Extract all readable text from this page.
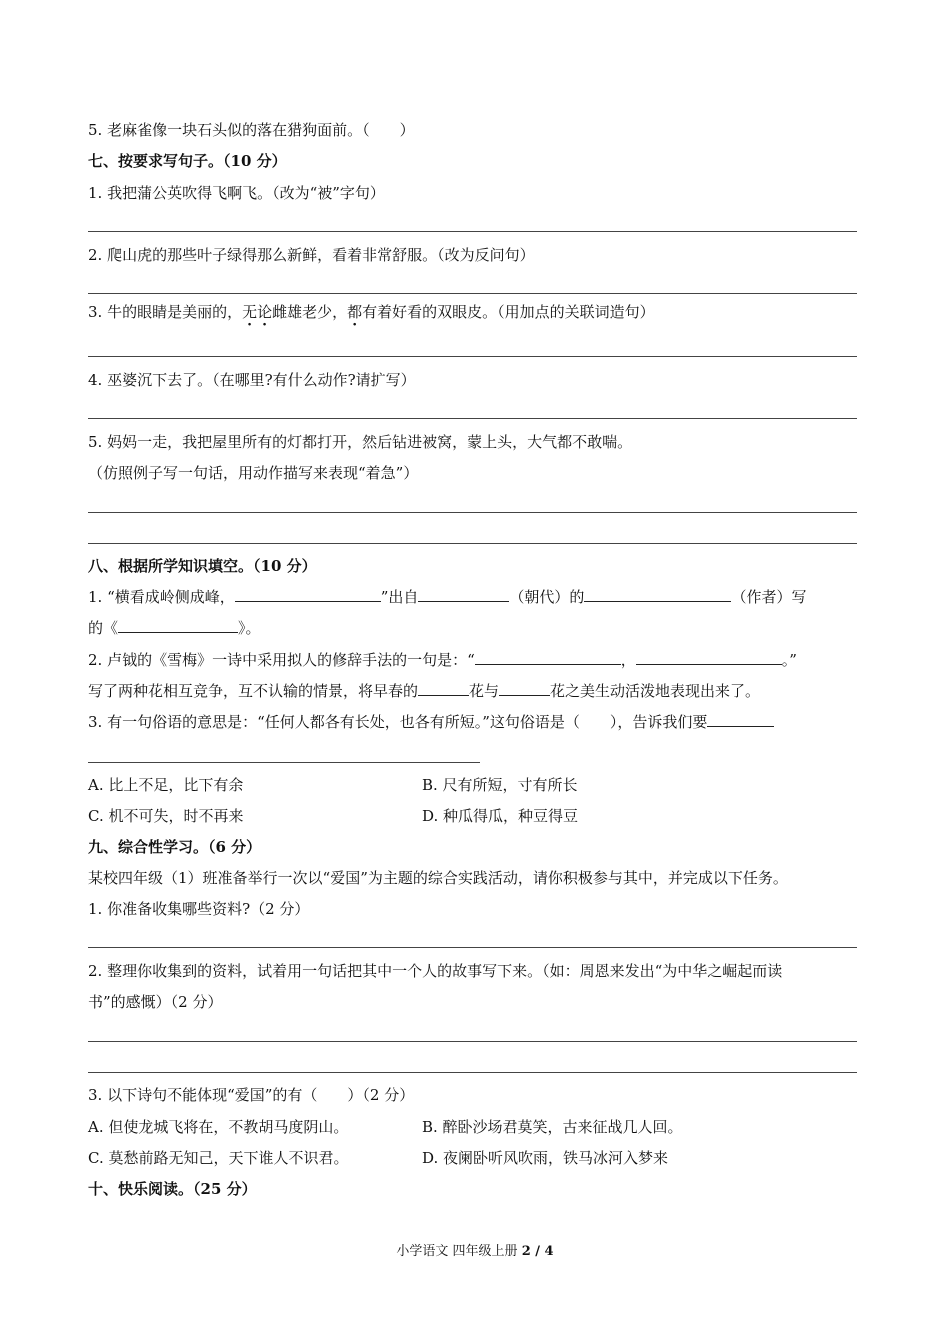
5. 老麻雀像一块石头似的落在猎狗面前。（　　）
七、按要求写句子。（10 分）
1. 我把蒲公英吹得飞啊飞。（改为“被”字句）
2. 爬山虎的那些叶子绿得那么新鲜，看着非常舒服。（改为反问句）
3. 牛的眼睛是美丽的，无论雌雄老少，都有着好看的双眼皮。（用加点的关联词造句）
4. 巫婆沉下去了。（在哪里?有什么动作?请扩写）
5. 妈妈一走，我把屋里所有的灯都打开，然后钻进被窝，蒙上头，大气都不敢喘。
（仿照例子写一句话，用动作描写来表现“着急”）
八、根据所学知识填空。（10 分）
1. “横看成岭侧成峰，	”出自	（朝代）的	（作者）写
的《	》。
2. 卢钺的《雪梅》一诗中采用拟人的修辞手法的一句是：“	，	。”
写了两种花相互竞争，互不认输的情景，将早春的	花与	花之美生动活泼地表现出来了。
3. 有一句俗语的意思是：“任何人都各有长处，也各有所短。”这句俗语是（　　），告诉我们要
A. 比上不足，比下有余	B. 尺有所短，寸有所长
C. 机不可失，时不再来	D. 种瓜得瓜，种豆得豆
九、综合性学习。（6 分）
某校四年级（1）班准备举行一次以“爱国”为主题的综合实践活动，请你积极参与其中，并完成以下任务。
1. 你准备收集哪些资料?（2 分）
2. 整理你收集到的资料，试着用一句话把其中一个人的故事写下来。（如：周恩来发出“为中华之崛起而读
书”的感慨）（2 分）
3. 以下诗句不能体现“爱国”的有（　　）（2 分）
A. 但使龙城飞将在，不教胡马度阴山。	B. 醉卧沙场君莫笑，古来征战几人回。
C. 莫愁前路无知己，天下谁人不识君。	D. 夜阑卧听风吹雨，铁马冰河入梦来
十、快乐阅读。（25 分）
小学语文 四年级上册 2 / 4
